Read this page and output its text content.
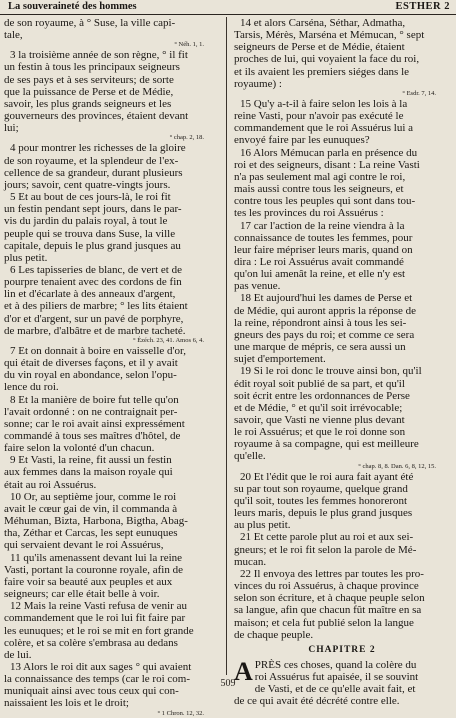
La souveraineté des hommes	ESTHER 2
de son royaume, à ° Suse, la ville capi-
tale,
° Néh. 1, 1.
3 la troisième année de son règne, ° il fit
un festin à tous les principaux seigneurs
de ses pays et à ses serviteurs; de sorte
que la puissance de Perse et de Médie,
savoir, les plus grands seigneurs et les
gouverneurs des provinces, étaient devant
lui;
° chap. 2, 18.
4 pour montrer les richesses de la gloire
de son royaume, et la splendeur de l'ex-
cellence de sa grandeur, durant plusieurs
jours; savoir, cent quatre-vingts jours.
5 Et au bout de ces jours-là, le roi fit
un festin pendant sept jours, dans le par-
vis du jardin du palais royal, à tout le
peuple qui se trouva dans Suse, la ville
capitale, depuis le plus grand jusques au
plus petit.
6 Les tapisseries de blanc, de vert et de
pourpre tenaient avec des cordons de fin
lin et d'écarlate à des anneaux d'argent,
et à des piliers de marbre; ° les lits étaient
d'or et d'argent, sur un pavé de porphyre,
de marbre, d'albâtre et de marbre tacheté.
° Ézéch. 23, 41. Amos 6, 4.
7 Et on donnait à boire en vaisselle d'or,
qui était de diverses façons, et il y avait
du vin royal en abondance, selon l'opu-
lence du roi.
8 Et la manière de boire fut telle qu'on
l'avait ordonné : on ne contraignait per-
sonne; car le roi avait ainsi expressément
commandé à tous ses maîtres d'hôtel, de
faire selon la volonté d'un chacun.
9 Et Vasti, la reine, fit aussi un festin
aux femmes dans la maison royale qui
était au roi Assuérus.
10 Or, au septième jour, comme le roi
avait le cœur gai de vin, il commanda à
Méhuman, Bizta, Harbona, Bigtha, Abag-
tha, Zéthar et Carcas, les sept eunuques
qui servaient devant le roi Assuérus,
11 qu'ils amenassent devant lui la reine
Vasti, portant la couronne royale, afin de
faire voir sa beauté aux peuples et aux
seigneurs; car elle était belle à voir.
12 Mais la reine Vasti refusa de venir au
commandement que le roi lui fit faire par
les eunuques; et le roi se mit en fort grande
colère, et sa colère s'embrasa au dedans
de lui.
13 Alors le roi dit aux sages ° qui avaient
la connaissance des temps (car le roi com-
muniquait ainsi avec tous ceux qui con-
naissaient les lois et le droit;
° 1 Chron. 12, 32.
14 et alors Carséna, Séthar, Admatha,
Tarsis, Mérès, Marséna et Mémucan, ° sept
seigneurs de Perse et de Médie, étaient
proches de lui, qui voyaient la face du roi,
et ils avaient les premiers siéges dans le
royaume) :
° Esdr. 7, 14.
15 Qu'y a-t-il à faire selon les lois à la
reine Vasti, pour n'avoir pas exécuté le
commandement que le roi Assuérus lui a
envoyé faire par les eunuques?
16 Alors Mémucan parla en présence du
roi et des seigneurs, disant : La reine Vasti
n'a pas seulement mal agi contre le roi,
mais aussi contre tous les seigneurs, et
contre tous les peuples qui sont dans tou-
tes les provinces du roi Assuérus :
17 car l'action de la reine viendra à la
connaissance de toutes les femmes, pour
leur faire mépriser leurs maris, quand on
dira : Le roi Assuérus avait commandé
qu'on lui amenât la reine, et elle n'y est
pas venue.
18 Et aujourd'hui les dames de Perse et
de Médie, qui auront appris la réponse de
la reine, répondront ainsi à tous les sei-
gneurs des pays du roi; et comme ce sera
une marque de mépris, ce sera aussi un
sujet d'emportement.
19 Si le roi donc le trouve ainsi bon, qu'il
édit royal soit publié de sa part, et qu'il
soit écrit entre les ordonnances de Perse
et de Médie, ° et qu'il soit irrévocable;
savoir, que Vasti ne vienne plus devant
le roi Assuérus; et que le roi donne son
royaume à sa compagne, qui est meilleure
qu'elle.
° chap. 8, 8. Dan. 6, 8, 12, 15.
20 Et l'édit que le roi aura fait ayant été
su par tout son royaume, quelque grand
qu'il soit, toutes les femmes honoreront
leurs maris, depuis le plus grand jusques
au plus petit.
21 Et cette parole plut au roi et aux sei-
gneurs; et le roi fit selon la parole de Mé-
mucan.
22 Il envoya des lettres par toutes les pro-
vinces du roi Assuérus, à chaque province
selon son écriture, et à chaque peuple selon
sa langue, afin que chacun fût maître en sa
maison; et cela fut publié selon la langue
de chaque peuple.
CHAPITRE 2
A PRÈS ces choses, quand la colère du
roi Assuérus fut apaisée, il se souvint
de Vasti, et de ce qu'elle avait fait, et
de ce qui avait été décrété contre elle.
509
